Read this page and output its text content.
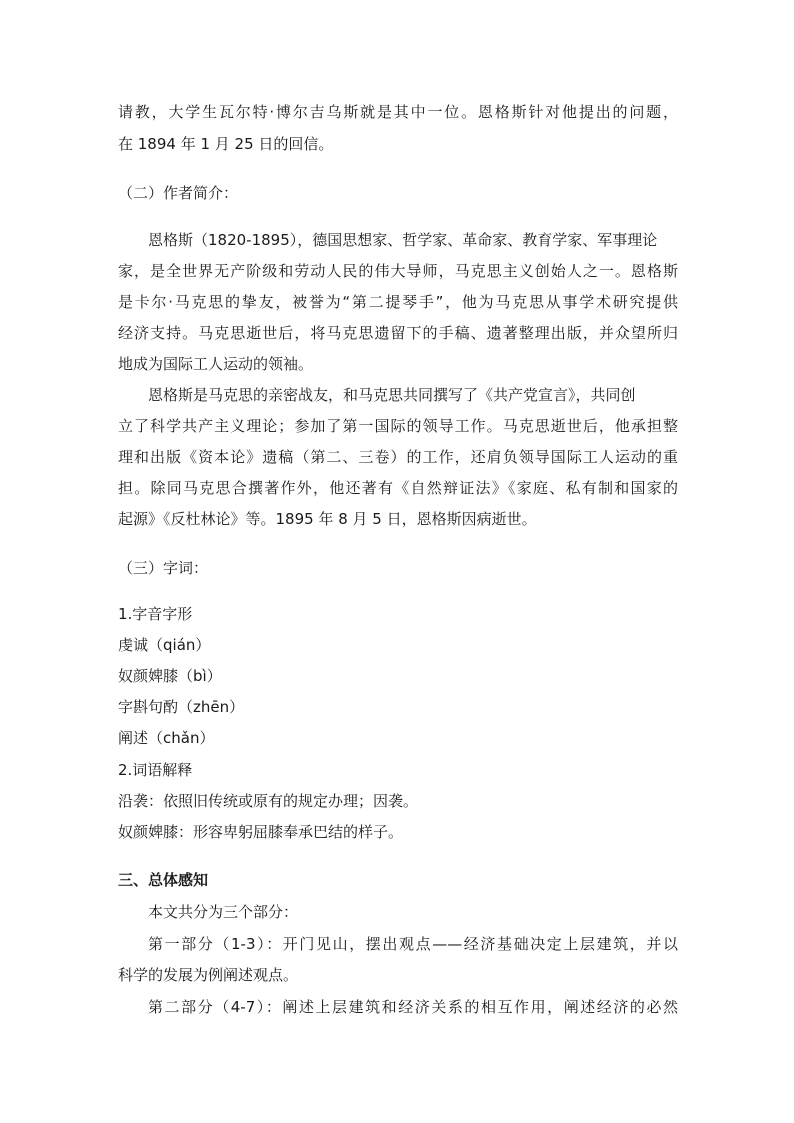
请教，大学生瓦尔特·博尔吉乌斯就是其中一位。恩格斯针对他提出的问题，
在 1894 年 1 月 25 日的回信。
（二）作者简介：
恩格斯（1820-1895），德国思想家、哲学家、革命家、教育学家、军事理论
家，是全世界无产阶级和劳动人民的伟大导师，马克思主义创始人之一。恩格斯
是卡尔·马克思的挚友，被誉为“第二提琴手”，他为马克思从事学术研究提供
经济支持。马克思逝世后，将马克思遗留下的手稿、遗著整理出版，并众望所归
地成为国际工人运动的领袖。
恩格斯是马克思的亲密战友，和马克思共同撰写了《共产党宣言》，共同创
立了科学共产主义理论；参加了第一国际的领导工作。马克思逝世后，他承担整
理和出版《资本论》遗稿（第二、三卷）的工作，还肩负领导国际工人运动的重
担。除同马克思合撰著作外，他还著有《自然辩证法》《家庭、私有制和国家的
起源》《反杜林论》等。1895 年 8 月 5 日，恩格斯因病逝世。
（三）字词：
1.字音字形
虔诚（qián）
奴颜婢膝（bì）
字斟句酌（zhēn）
阐述（chǎn）
2.词语解释
沿袭：依照旧传统或原有的规定办理；因袭。
奴颜婢膝：形容卑躬屈膝奉承巴结的样子。
三、总体感知
本文共分为三个部分：
第一部分（1-3）：开门见山，摆出观点——经济基础决定上层建筑，并以
科学的发展为例阐述观点。
第二部分（4-7）：阐述上层建筑和经济关系的相互作用，阐述经济的必然
